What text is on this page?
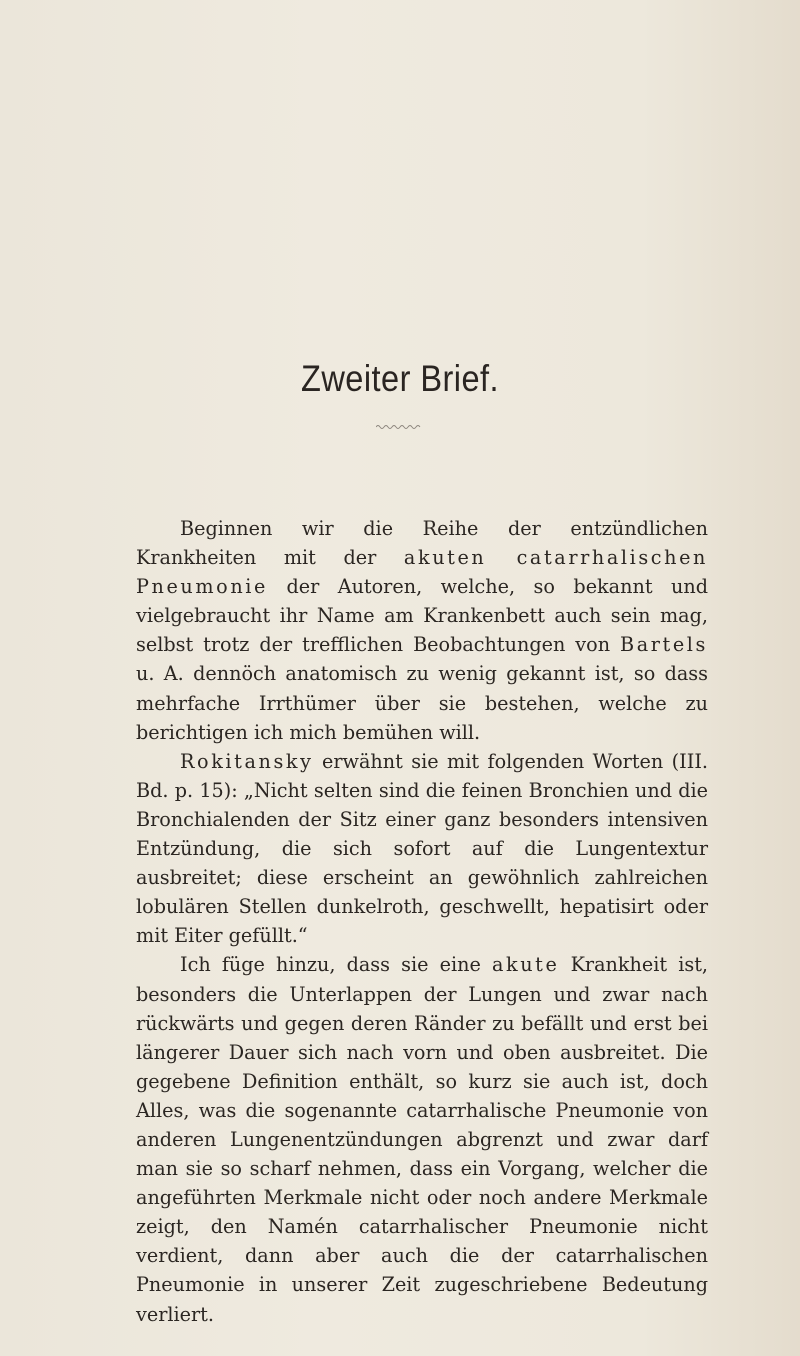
Zweiter Brief.

Beginnen wir die Reihe der entzündlichen Krankheiten mit der akuten catarrhalischen Pneumonie der Autoren, welche, so bekannt und vielgebraucht ihr Name am Krankenbett auch sein mag, selbst trotz der trefflichen Beobachtungen von Bartels u. A. dennöch anatomisch zu wenig gekannt ist, so dass mehrfache Irrthümer über sie bestehen, welche zu berichtigen ich mich bemühen will.

Rokitansky erwähnt sie mit folgenden Worten (III. Bd. p. 15): „Nicht selten sind die feinen Bronchien und die Bronchialenden der Sitz einer ganz besonders intensiven Entzündung, die sich sofort auf die Lungentextur ausbreitet; diese erscheint an gewöhnlich zahlreichen lobulären Stellen dunkelroth, geschwellt, hepatisirt oder mit Eiter gefüllt.“

Ich füge hinzu, dass sie eine akute Krankheit ist, besonders die Unterlappen der Lungen und zwar nach rückwärts und gegen deren Ränder zu befällt und erst bei längerer Dauer sich nach vorn und oben ausbreitet. Die gegebene Definition enthält, so kurz sie auch ist, doch Alles, was die sogenannte catarrhalische Pneumonie von anderen Lungenentzündungen abgrenzt und zwar darf man sie so scharf nehmen, dass ein Vorgang, welcher die angeführten Merkmale nicht oder noch andere Merkmale zeigt, den Namén catarrhalischer Pneumonie nicht verdient, dann aber auch die der catarrhalischen Pneumonie in unserer Zeit zugeschriebene Bedeutung verliert.
